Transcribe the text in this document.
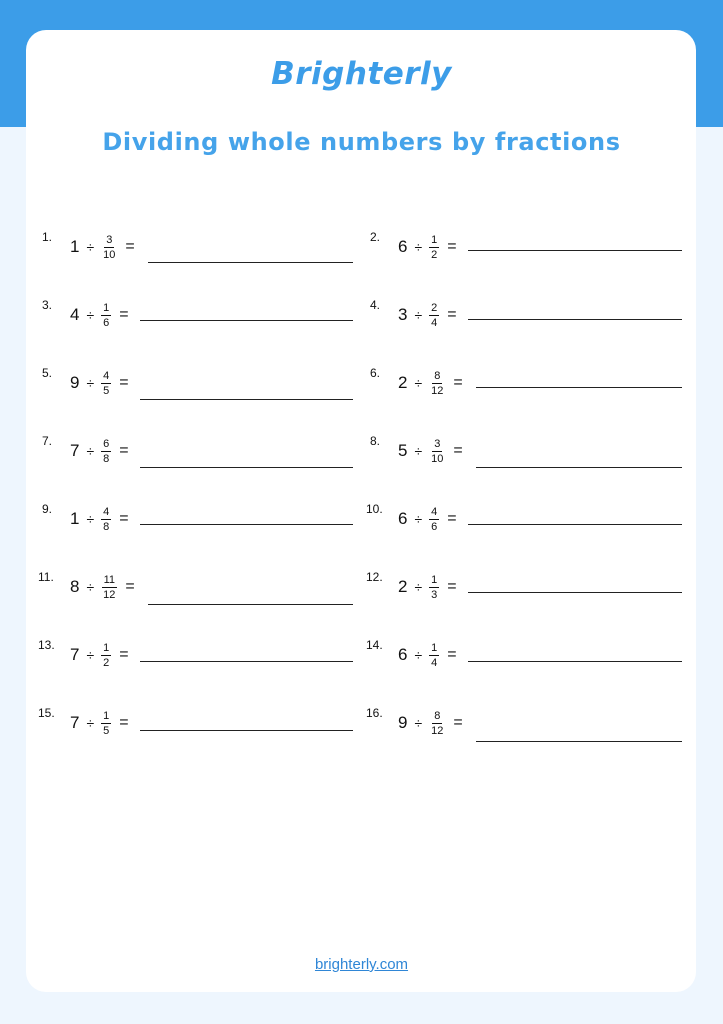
Brighterly
Dividing whole numbers by fractions
1. $1 \div \frac{3}{10}$ =
3. $4 \div \frac{1}{6}$ =
5. $9 \div \frac{4}{5}$ =
7. $7 \div \frac{6}{8}$ =
9. $1 \div \frac{4}{8}$ =
11. $8 \div \frac{11}{12}$ =
13. $7 \div \frac{1}{2}$ =
15. $7 \div \frac{1}{5}$ =
2. $6 \div \frac{1}{2}$ =
4. $3 \div \frac{2}{4}$ =
6. $2 \div \frac{8}{12}$ =
8. $5 \div \frac{3}{10}$ =
10. $6 \div \frac{4}{6}$ =
12. $2 \div \frac{1}{3}$ =
14. $6 \div \frac{1}{4}$ =
16. $9 \div \frac{8}{12}$ =
brighterly.com
